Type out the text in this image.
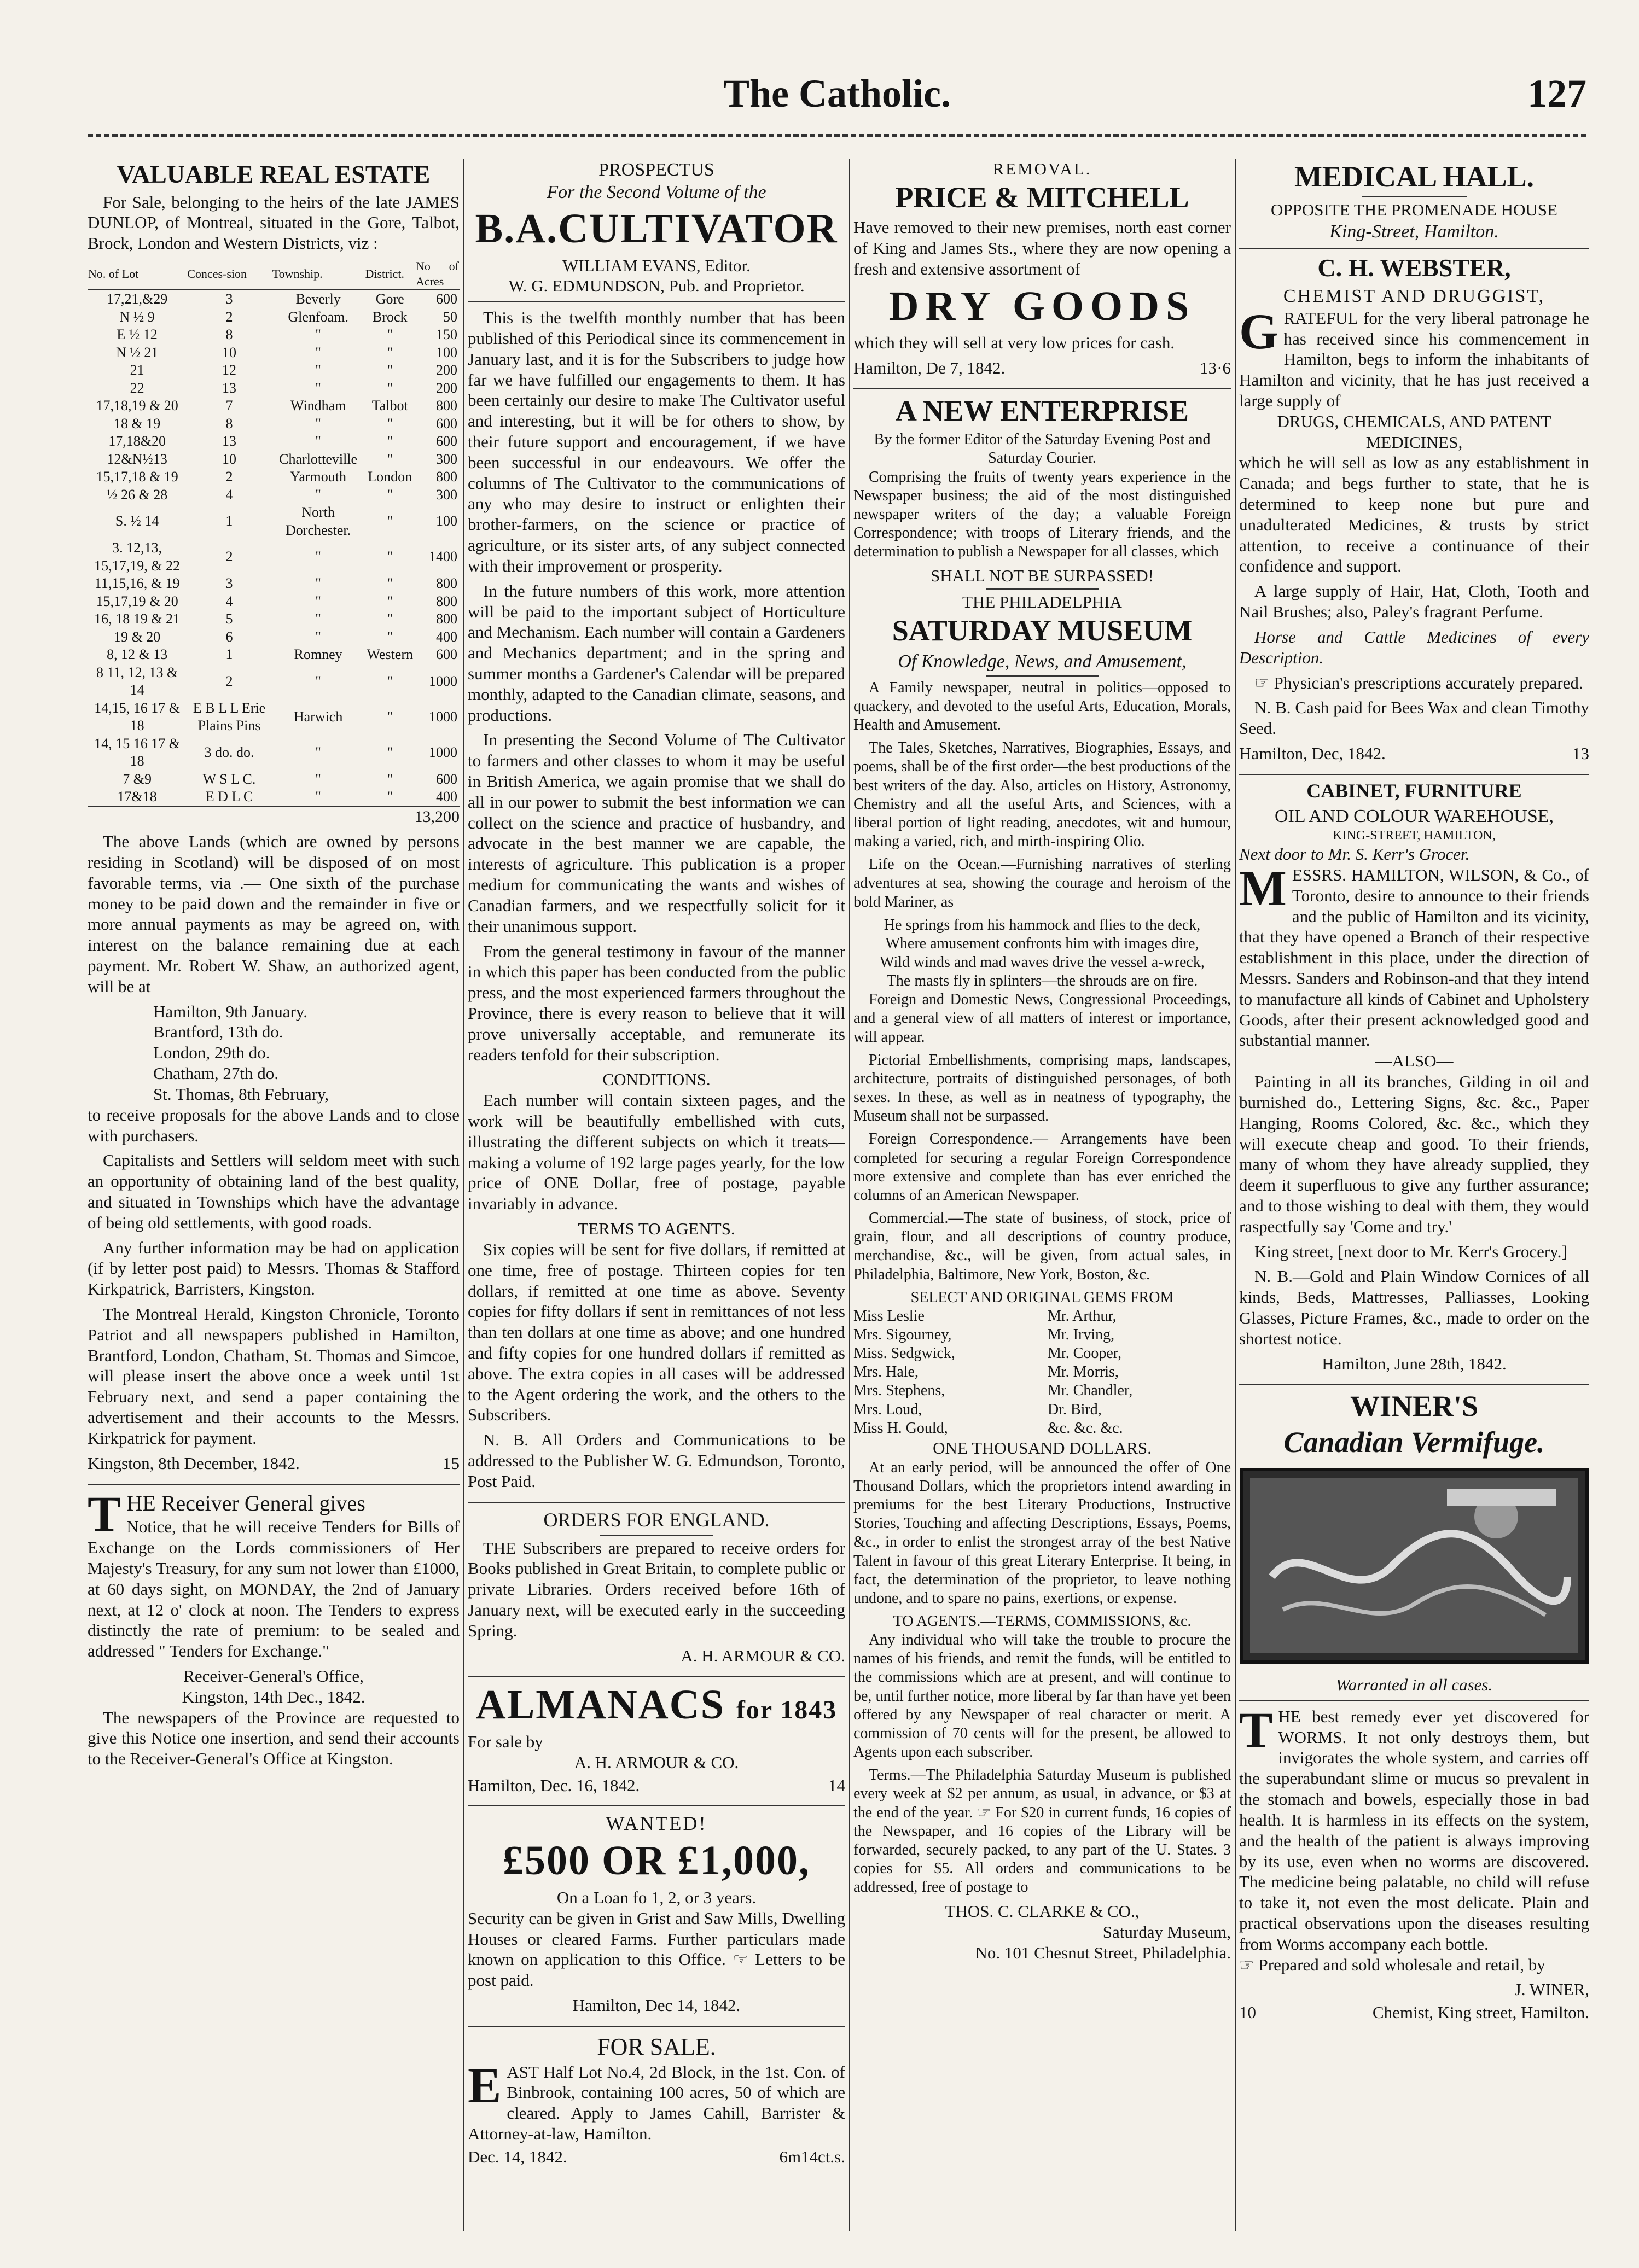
The Catholic.	127
VALUABLE REAL ESTATE

For Sale, belonging to the heirs of the late JAMES DUNLOP, of Montreal, situated in the Gore, Talbot, Brock, London and Western Districts, viz :

No. of Lot	Conces-sion	Township.	District.	No of Acres
17,21,&29	3	Beverly	Gore	600
N ½ 9	2	Glenfoam.	Brock	50
E ½ 12	8	"	"	150
N ½ 21	10	"	"	100
21	12	"	"	200
22	13	"	"	200
17,18,19 & 20	7	Windham	Talbot	800
18 & 19	8	"	"	600
17,18&20	13	"	"	600
12&N½13	10	Charlotteville	"	300
15,17,18 & 19	2	Yarmouth	London	800
½ 26 & 28	4	"	"	300
S. ½ 14	1	North Dorchester.	"	100
3. 12,13, 15,17,19, & 22	2	"	"	1400
11,15,16, & 19	3	"	"	800
15,17,19 & 20	4	"	"	800
16, 18 19 & 21	5	"	"	800
19 & 20	6	"	"	400
8, 12 & 13	1	Romney	Western	600
8 11, 12, 13 & 14	2	"	"	1000
14,15, 16 17 & 18	E B L L Erie Plains Pins	Harwich	"	1000
14, 15 16 17 & 18	3 do. do.	"	"	1000
7 &9	W S L C.	"	"	600
17&18	E D L C	"	"	400
13,200

The above Lands (which are owned by persons residing in Scotland) will be disposed of on most favorable terms, via .— One sixth of the purchase money to be paid down and the remainder in five or more annual payments as may be agreed on, with interest on the balance remaining due at each payment. Mr. Robert W. Shaw, an authorized agent, will be at

Hamilton, 9th January.
Brantford, 13th do.
London, 29th do.
Chatham, 27th do.
St. Thomas, 8th February,

to receive proposals for the above Lands and to close with purchasers.

Capitalists and Settlers will seldom meet with such an opportunity of obtaining land of the best quality, and situated in Townships which have the advantage of being old settlements, with good roads.

Any further information may be had on application (if by letter post paid) to Messrs. Thomas & Stafford Kirkpatrick, Barristers, Kingston.

The Montreal Herald, Kingston Chronicle, Toronto Patriot and all newspapers published in Hamilton, Brantford, London, Chatham, St. Thomas and Simcoe, will please insert the above once a week until 1st February next, and send a paper containing the advertisement and their accounts to the Messrs. Kirkpatrick for payment.

Kingston, 8th December, 1842.	15
THE Receiver General gives

Notice, that he will receive Tenders for Bills of Exchange on the Lords commissioners of Her Majesty's Treasury, for any sum not lower than £1000, at 60 days sight, on MONDAY, the 2nd of January next, at 12 o' clock at noon. The Tenders to express distinctly the rate of premium: to be sealed and addressed " Tenders for Exchange."

Receiver-General's Office,
Kingston, 14th Dec., 1842.

The newspapers of the Province are requested to give this Notice one insertion, and send their accounts to the Receiver-General's Office at Kingston.

PROSPECTUS
For the Second Volume of the
B.A.CULTIVATOR
WILLIAM EVANS, Editor.
W. G. EDMUNDSON, Pub. and Proprietor.

This is the twelfth monthly number that has been published of this Periodical since its commencement in January last, and it is for the Subscribers to judge how far we have fulfilled our engagements to them. It has been certainly our desire to make The Cultivator useful and interesting, but it will be for others to show, by their future support and encouragement, if we have been successful in our endeavours. We offer the columns of The Cultivator to the communications of any who may desire to instruct or enlighten their brother-farmers, on the science or practice of agriculture, or its sister arts, of any subject connected with their improvement or prosperity.

In the future numbers of this work, more attention will be paid to the important subject of Horticulture and Mechanism. Each number will contain a Gardeners and Mechanics department; and in the spring and summer months a Gardener's Calendar will be prepared monthly, adapted to the Canadian climate, seasons, and productions.

In presenting the Second Volume of The Cultivator to farmers and other classes to whom it may be useful in British America, we again promise that we shall do all in our power to submit the best information we can collect on the science and practice of husbandry, and advocate in the best manner we are capable, the interests of agriculture. This publication is a proper medium for communicating the wants and wishes of Canadian farmers, and we respectfully solicit for it their unanimous support.

From the general testimony in favour of the manner in which this paper has been conducted from the public press, and the most experienced farmers throughout the Province, there is every reason to believe that it will prove universally acceptable, and remunerate its readers tenfold for their subscription.

CONDITIONS.

Each number will contain sixteen pages, and the work will be beautifully embellished with cuts, illustrating the different subjects on which it treats—making a volume of 192 large pages yearly, for the low price of ONE Dollar, free of postage, payable invariably in advance.

TERMS TO AGENTS.

Six copies will be sent for five dollars, if remitted at one time, free of postage. Thirteen copies for ten dollars, if remitted at one time as above. Seventy copies for fifty dollars if sent in remittances of not less than ten dollars at one time as above; and one hundred and fifty copies for one hundred dollars if remitted as above. The extra copies in all cases will be addressed to the Agent ordering the work, and the others to the Subscribers.

N. B. All Orders and Communications to be addressed to the Publisher W. G. Edmundson, Toronto, Post Paid.

ORDERS FOR ENGLAND.

THE Subscribers are prepared to receive orders for Books published in Great Britain, to complete public or private Libraries. Orders received before 16th of January next, will be executed early in the succeeding Spring.

A. H. ARMOUR & CO.
ALMANACS for 1843
For sale by
A. H. ARMOUR & CO.
Hamilton, Dec. 16, 1842.	14
WANTED!
£500 OR £1,000,
On a Loan fo 1, 2, or 3 years.

Security can be given in Grist and Saw Mills, Dwelling Houses or cleared Farms. Further particulars made known on application to this Office. ☞ Letters to be post paid.

Hamilton, Dec 14, 1842.
FOR SALE.
EAST Half Lot No.4, 2d Block, in the 1st. Con. of Binbrook, containing 100 acres, 50 of which are cleared. Apply to James Cahill, Barrister & Attorney-at-law, Hamilton.
Dec. 14, 1842.	6m14ct.s.
REMOVAL.
PRICE & MITCHELL

Have removed to their new premises, north east corner of King and James Sts., where they are now opening a fresh and extensive assortment of

DRY GOODS

which they will sell at very low prices for cash.

Hamilton, De 7, 1842.	13·6
A NEW ENTERPRISE
By the former Editor of the Saturday Evening Post and Saturday Courier.

Comprising the fruits of twenty years experience in the Newspaper business; the aid of the most distinguished newspaper writers of the day; a valuable Foreign Correspondence; with troops of Literary friends, and the determination to publish a Newspaper for all classes, which

SHALL NOT BE SURPASSED!
THE PHILADELPHIA
SATURDAY MUSEUM
Of Knowledge, News, and Amusement,

A Family newspaper, neutral in politics—opposed to quackery, and devoted to the useful Arts, Education, Morals, Health and Amusement.

The Tales, Sketches, Narratives, Biographies, Essays, and poems, shall be of the first order—the best productions of the best writers of the day. Also, articles on History, Astronomy, Chemistry and all the useful Arts, and Sciences, with a liberal portion of light reading, anecdotes, wit and humour, making a varied, rich, and mirth-inspiring Olio.

Life on the Ocean.—Furnishing narratives of sterling adventures at sea, showing the courage and heroism of the bold Mariner, as

He springs from his hammock and flies to the deck,
Where amusement confronts him with images dire,
Wild winds and mad waves drive the vessel a-wreck,
The masts fly in splinters—the shrouds are on fire.

Foreign and Domestic News, Congressional Proceedings, and a general view of all matters of interest or importance, will appear.

Pictorial Embellishments, comprising maps, landscapes, architecture, portraits of distinguished personages, of both sexes. In these, as well as in neatness of typography, the Museum shall not be surpassed.

Foreign Correspondence.— Arrangements have been completed for securing a regular Foreign Correspondence more extensive and complete than has ever enriched the columns of an American Newspaper.

Commercial.—The state of business, of stock, price of grain, flour, and all descriptions of country produce, merchandise, &c., will be given, from actual sales, in Philadelphia, Baltimore, New York, Boston, &c.

SELECT AND ORIGINAL GEMS FROM
Miss Leslie	Mr. Arthur,
Mrs. Sigourney,	Mr. Irving,
Miss. Sedgwick,	Mr. Cooper,
Mrs. Hale,	Mr. Morris,
Mrs. Stephens,	Mr. Chandler,
Mrs. Loud,	Dr. Bird,
Miss H. Gould,	&c. &c. &c.
ONE THOUSAND DOLLARS.

At an early period, will be announced the offer of One Thousand Dollars, which the proprietors intend awarding in premiums for the best Literary Productions, Instructive Stories, Touching and affecting Descriptions, Essays, Poems, &c., in order to enlist the strongest array of the best Native Talent in favour of this great Literary Enterprise. It being, in fact, the determination of the proprietor, to leave nothing undone, and to spare no pains, exertions, or expense.

TO AGENTS.—TERMS, COMMISSIONS, &c.

Any individual who will take the trouble to procure the names of his friends, and remit the funds, will be entitled to the commissions which are at present, and will continue to be, until further notice, more liberal by far than have yet been offered by any Newspaper of real character or merit. A commission of 70 cents will for the present, be allowed to Agents upon each subscriber.

Terms.—The Philadelphia Saturday Museum is published every week at $2 per annum, as usual, in advance, or $3 at the end of the year. ☞ For $20 in current funds, 16 copies of the Newspaper, and 16 copies of the Library will be forwarded, securely packed, to any part of the U. States. 3 copies for $5. All orders and communications to be addressed, free of postage to

THOS. C. CLARKE & CO.,
Saturday Museum,
No. 101 Chesnut Street, Philadelphia.
MEDICAL HALL.
OPPOSITE THE PROMENADE HOUSE
King-Street, Hamilton.
C. H. WEBSTER,
CHEMIST AND DRUGGIST,
GRATEFUL for the very liberal patronage he has received since his commencement in Hamilton, begs to inform the inhabitants of Hamilton and vicinity, that he has just received a large supply of
DRUGS, CHEMICALS, AND PATENT MEDICINES,

which he will sell as low as any establishment in Canada; and begs further to state, that he is determined to keep none but pure and unadulterated Medicines, & trusts by strict attention, to receive a continuance of their confidence and support.

A large supply of Hair, Hat, Cloth, Tooth and Nail Brushes; also, Paley's fragrant Perfume.

Horse and Cattle Medicines of every Description.

☞ Physician's prescriptions accurately prepared.

N. B. Cash paid for Bees Wax and clean Timothy Seed.

Hamilton, Dec, 1842.	13
CABINET, FURNITURE
OIL AND COLOUR WAREHOUSE,
KING-STREET, HAMILTON,
Next door to Mr. S. Kerr's Grocer.
MESSRS. HAMILTON, WILSON, & Co., of Toronto, desire to announce to their friends and the public of Hamilton and its vicinity, that they have opened a Branch of their respective establishment in this place, under the direction of Messrs. Sanders and Robinson-and that they intend to manufacture all kinds of Cabinet and Upholstery Goods, after their present acknowledged good and substantial manner.
—ALSO—

Painting in all its branches, Gilding in oil and burnished do., Lettering Signs, &c. &c., Paper Hanging, Rooms Colored, &c. &c., which they will execute cheap and good. To their friends, many of whom they have already supplied, they deem it superfluous to give any further assurance; and to those wishing to deal with them, they would raspectfully say 'Come and try.'

King street, [next door to Mr. Kerr's Grocery.]

N. B.—Gold and Plain Window Cornices of all kinds, Beds, Mattresses, Palliasses, Looking Glasses, Picture Frames, &c., made to order on the shortest notice.

Hamilton, June 28th, 1842.
WINER'S
Canadian Vermifuge.
Warranted in all cases.
THE best remedy ever yet discovered for WORMS. It not only destroys them, but invigorates the whole system, and carries off the superabundant slime or mucus so prevalent in the stomach and bowels, especially those in bad health. It is harmless in its effects on the system, and the health of the patient is always improving by its use, even when no worms are discovered. The medicine being palatable, no child will refuse to take it, not even the most delicate. Plain and practical observations upon the diseases resulting from Worms accompany each bottle.

☞ Prepared and sold wholesale and retail, by

J. WINER,
10	Chemist, King street, Hamilton.
